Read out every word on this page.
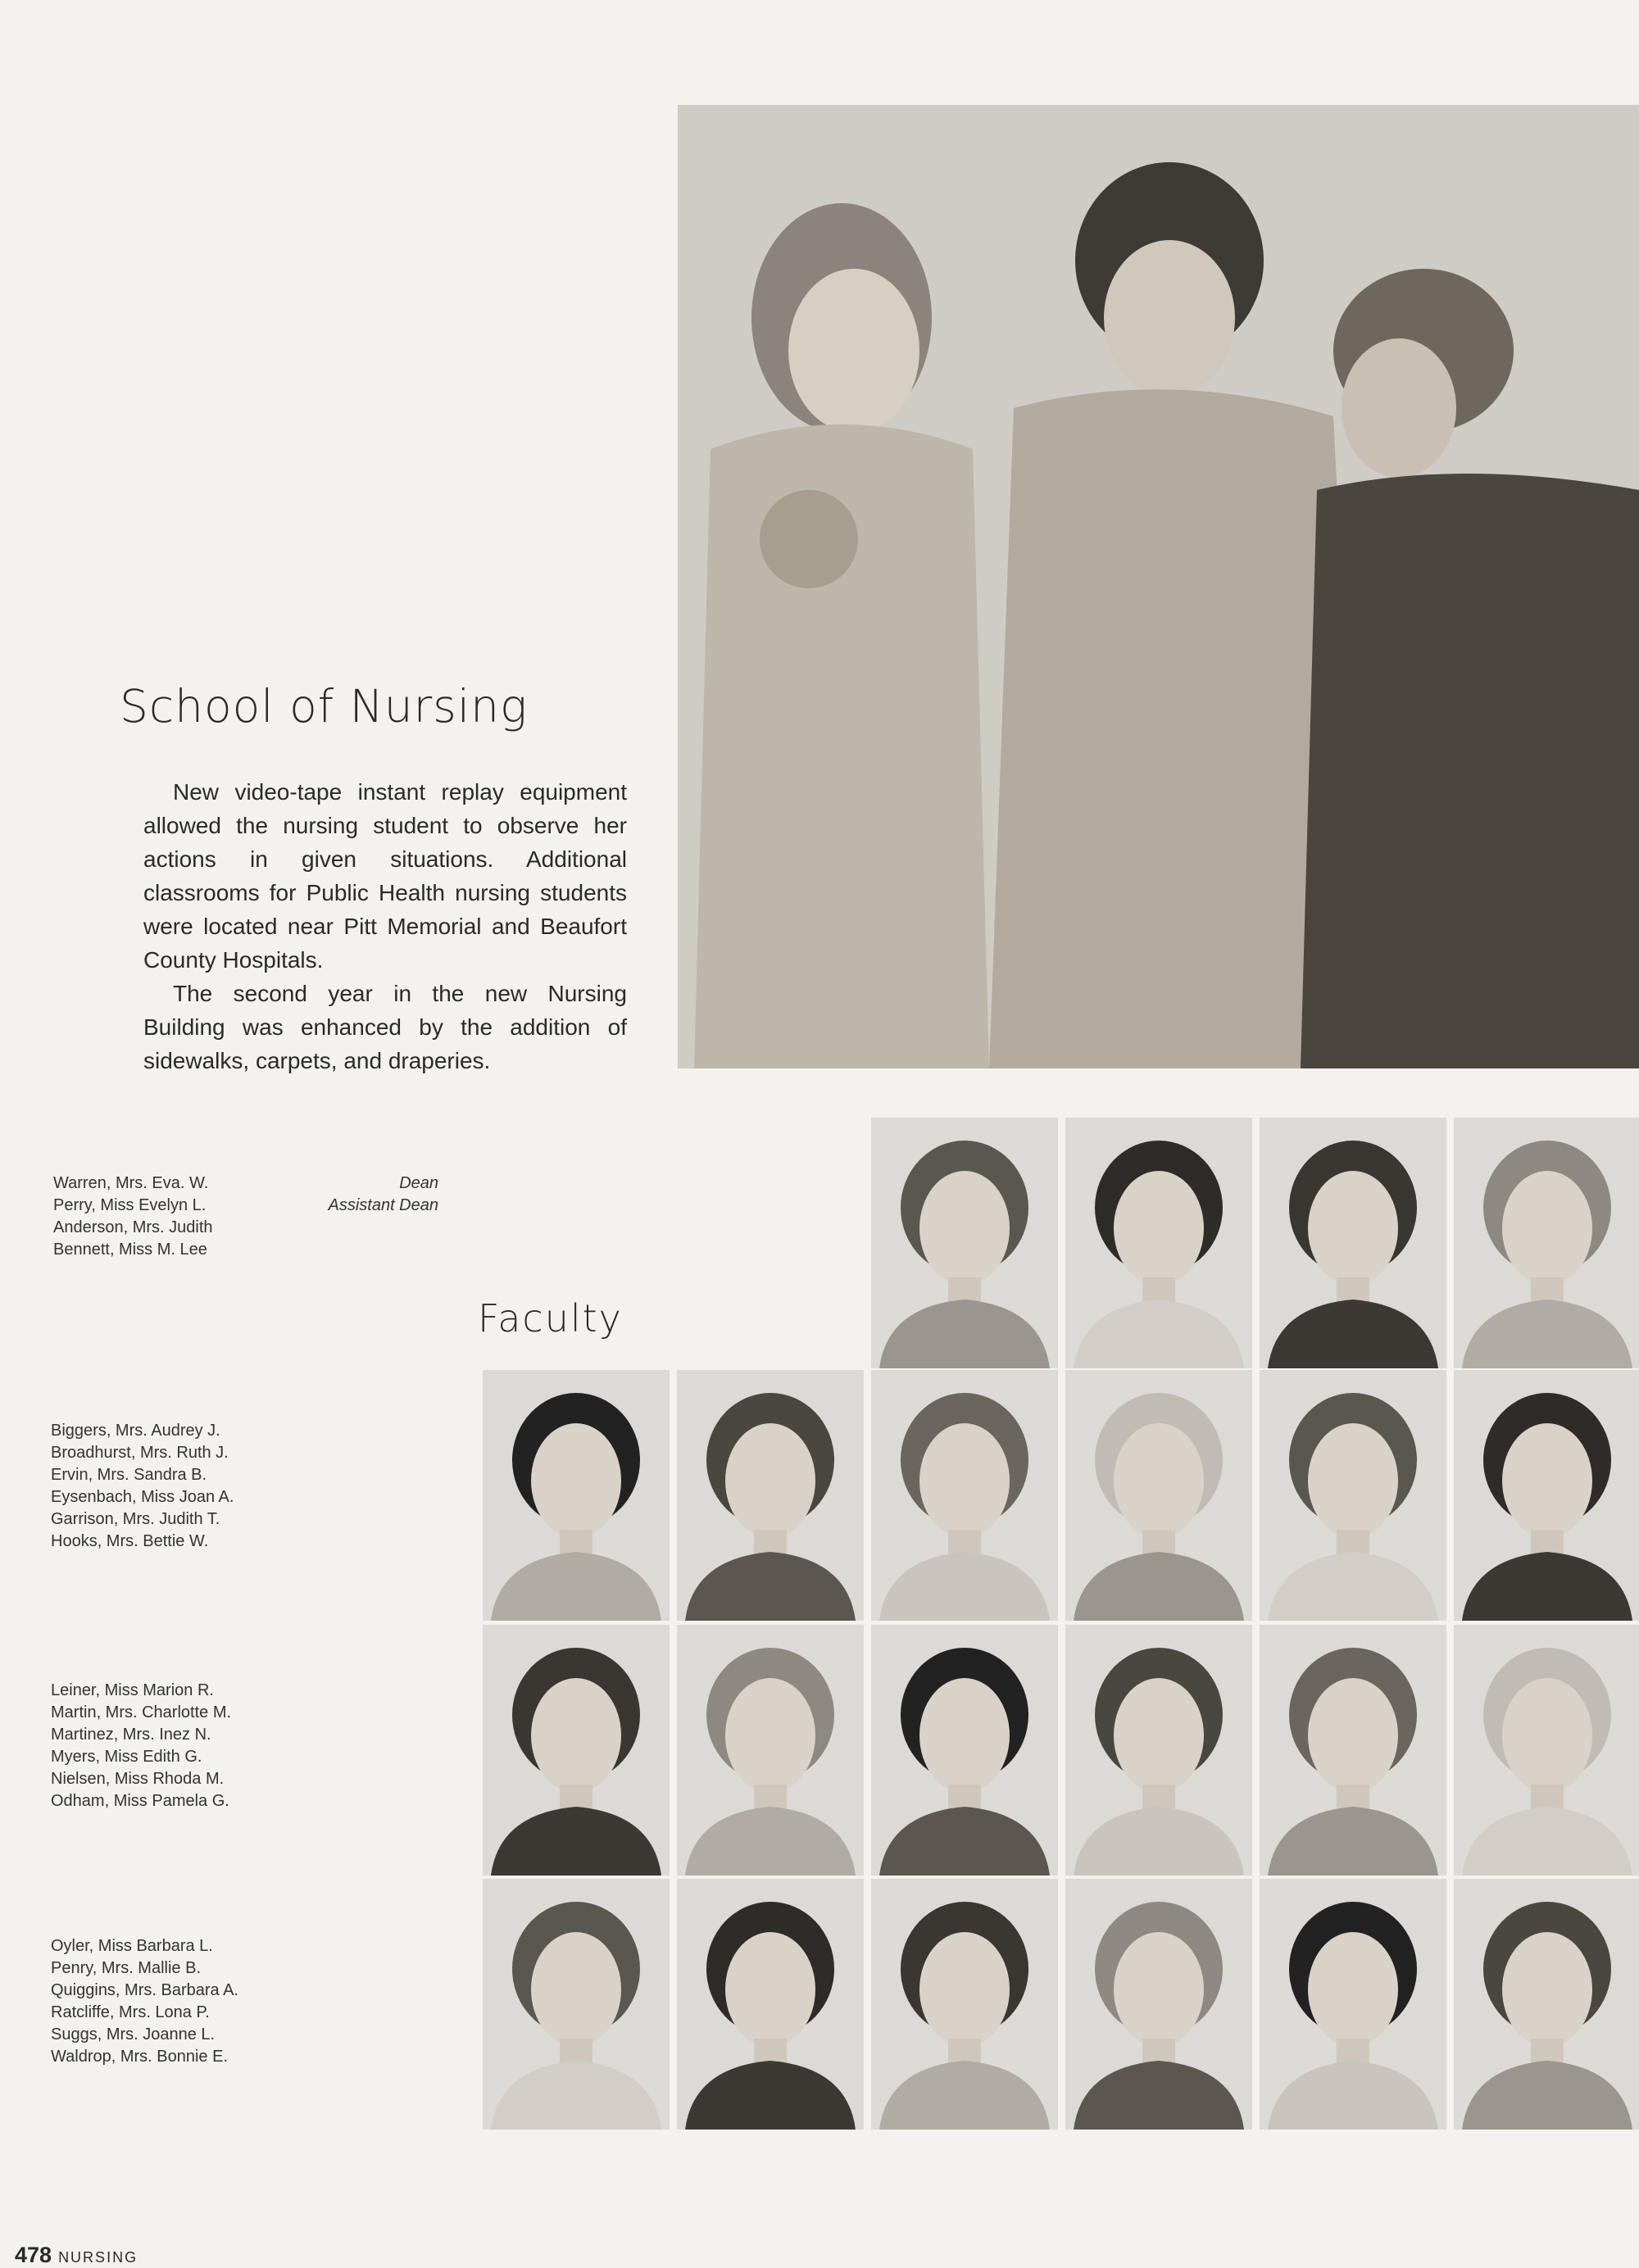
School of Nursing

New video-tape instant replay equipment allowed the nursing student to observe her actions in given situations. Additional classrooms for Public Health nursing students were located near Pitt Memorial and Beaufort County Hospitals.

The second year in the new Nursing Building was enhanced by the addition of sidewalks, carpets, and draperies.

Warren, Mrs. Eva. W.
Perry, Miss Evelyn L.
Anderson, Mrs. Judith
Bennett, Miss M. Lee
Dean
Assistant Dean
Faculty
Biggers, Mrs. Audrey J.
Broadhurst, Mrs. Ruth J.
Ervin, Mrs. Sandra B.
Eysenbach, Miss Joan A.
Garrison, Mrs. Judith T.
Hooks, Mrs. Bettie W.
Leiner, Miss Marion R.
Martin, Mrs. Charlotte M.
Martinez, Mrs. Inez N.
Myers, Miss Edith G.
Nielsen, Miss Rhoda M.
Odham, Miss Pamela G.
Oyler, Miss Barbara L.
Penry, Mrs. Mallie B.
Quiggins, Mrs. Barbara A.
Ratcliffe, Mrs. Lona P.
Suggs, Mrs. Joanne L.
Waldrop, Mrs. Bonnie E.
478 NURSING
